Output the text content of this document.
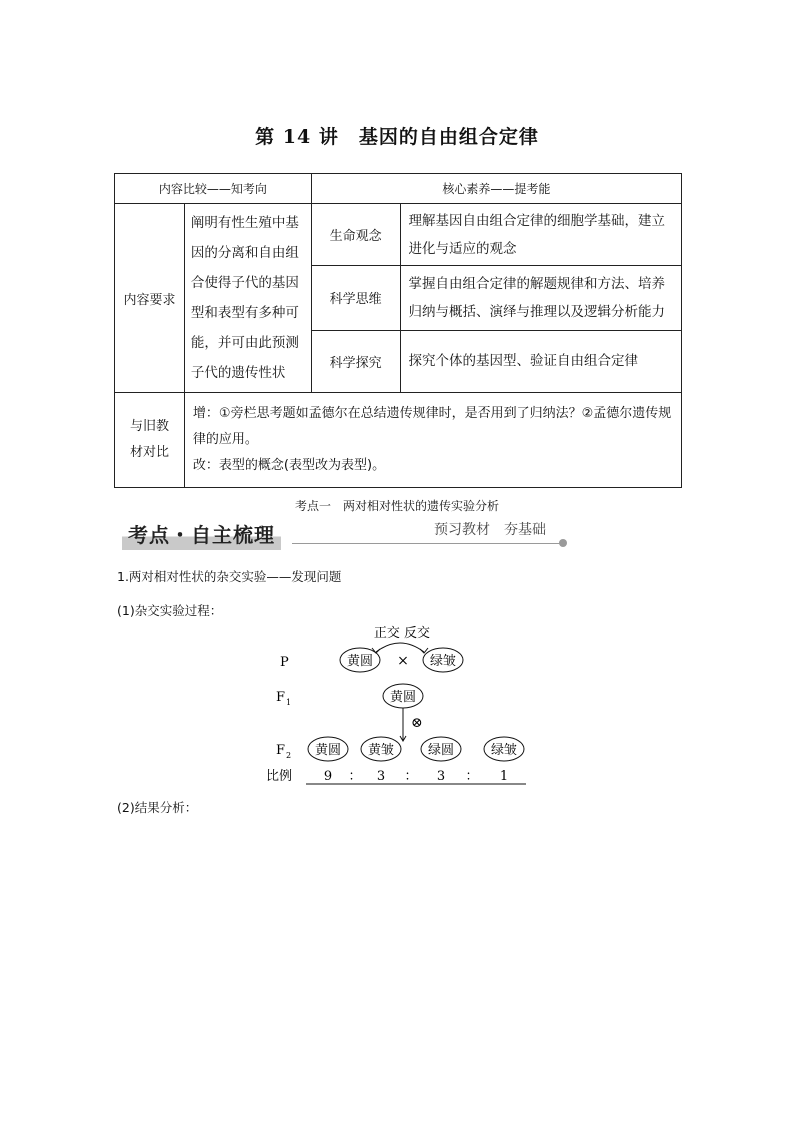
第 14 讲　基因的自由组合定律
内容比较——知考向		核心素养——提考能	
内容要求	阐明有性生殖中基因的分离和自由组合使得子代的基因型和表型有多种可能，并可由此预测子代的遗传性状	生命观念	理解基因自由组合定律的细胞学基础，建立进化与适应的观念
		科学思维	掌握自由组合定律的解题规律和方法、培养归纳与概括、演绎与推理以及逻辑分析能力
		科学探究	探究个体的基因型、验证自由组合定律
与旧教材对比	增：①旁栏思考题如孟德尔在总结遗传规律时，是否用到了归纳法？②孟德尔遗传规律的应用。
改：表型的概念(表型改为表型)。		
考点一　两对相对性状的遗传实验分析
考点・自主梳理	预习教材　夯基础
1.两对相对性状的杂交实验——发现问题
(1)杂交实验过程：
正交 反交
P	黄圆 × 绿皱
F 1	黄圆
⊗
F 2 黄圆 黄皱	绿圆	绿皱
比例 9 ： 3 ： 3 ： 1
(2)结果分析：
